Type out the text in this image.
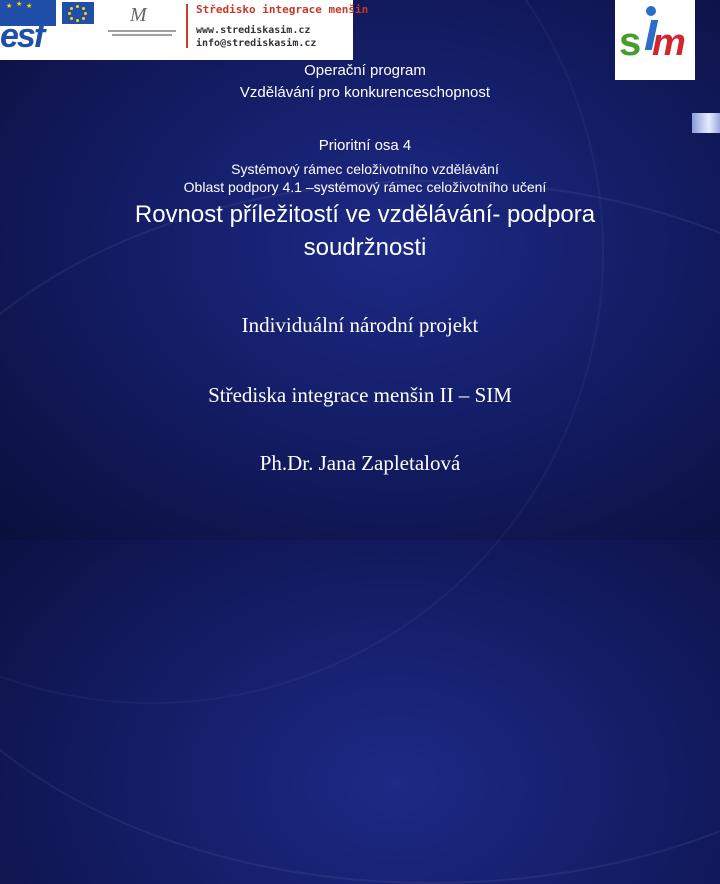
★ ★ ★
esf
M	Středisko integrace menšin
www.strediskasim.cz
info@strediskasim.cz	s m
Operační program
Vzdělávání pro konkurenceschopnost
Prioritní osa 4
Systémový rámec celoživotního vzdělávání
Oblast podpory 4.1 –systémový rámec celoživotního učení
Rovnost příležitostí ve vzdělávání- podpora
soudržnosti
Individuální národní projekt
Střediska integrace menšin II – SIM
Ph.Dr. Jana Zapletalová
